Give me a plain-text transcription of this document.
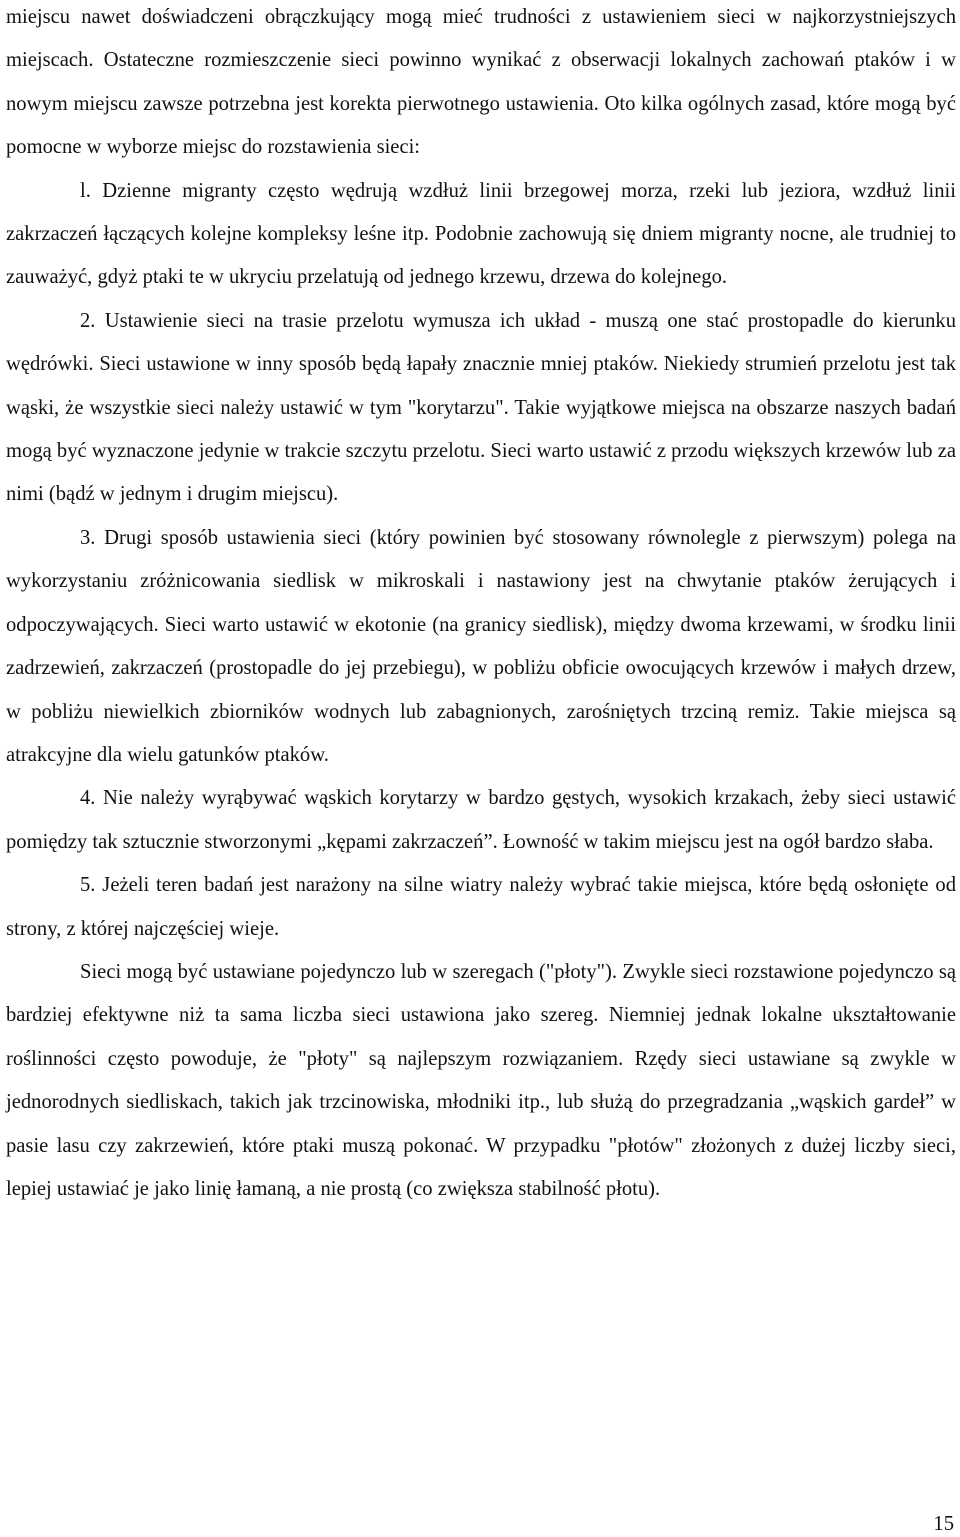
miejscu nawet doświadczeni obrączkujący mogą mieć trudności z ustawieniem sieci w najkorzystniejszych miejscach. Ostateczne rozmieszczenie sieci powinno wynikać z obserwacji lokalnych zachowań ptaków i w nowym miejscu zawsze potrzebna jest korekta pierwotnego ustawienia. Oto kilka ogólnych zasad, które mogą być pomocne w wyborze miejsc do rozstawienia sieci:

l. Dzienne migranty często wędrują wzdłuż linii brzegowej morza, rzeki lub jeziora, wzdłuż linii zakrzaczeń łączących kolejne kompleksy leśne itp. Podobnie zachowują się dniem migranty nocne, ale trudniej to zauważyć, gdyż ptaki te w ukryciu przelatują od jednego krzewu, drzewa do kolejnego.

2. Ustawienie sieci na trasie przelotu wymusza ich układ - muszą one stać prostopadle do kierunku wędrówki. Sieci ustawione w inny sposób będą łapały znacznie mniej ptaków. Niekiedy strumień przelotu jest tak wąski, że wszystkie sieci należy ustawić w tym "korytarzu". Takie wyjątkowe miejsca na obszarze naszych badań mogą być wyznaczone jedynie w trakcie szczytu przelotu. Sieci warto ustawić z przodu większych krzewów lub za nimi (bądź w jednym i drugim miejscu).

3. Drugi sposób ustawienia sieci (który powinien być stosowany równolegle z pierwszym) polega na wykorzystaniu zróżnicowania siedlisk w mikroskali i nastawiony jest na chwytanie ptaków żerujących i odpoczywających. Sieci warto ustawić w ekotonie (na granicy siedlisk), między dwoma krzewami, w środku linii zadrzewień, zakrzaczeń (prostopadle do jej przebiegu), w pobliżu obficie owocujących krzewów i małych drzew, w pobliżu niewielkich zbiorników wodnych lub zabagnionych, zarośniętych trzciną remiz. Takie miejsca są atrakcyjne dla wielu gatunków ptaków.

4. Nie należy wyrąbywać wąskich korytarzy w bardzo gęstych, wysokich krzakach, żeby sieci ustawić pomiędzy tak sztucznie stworzonymi „kępami zakrzaczeń”. Łowność w takim miejscu jest na ogół bardzo słaba.

5. Jeżeli teren badań jest narażony na silne wiatry należy wybrać takie miejsca, które będą osłonięte od strony, z której najczęściej wieje.

Sieci mogą być ustawiane pojedynczo lub w szeregach ("płoty"). Zwykle sieci rozstawione pojedynczo są bardziej efektywne niż ta sama liczba sieci ustawiona jako szereg. Niemniej jednak lokalne ukształtowanie roślinności często powoduje, że "płoty" są najlepszym rozwiązaniem. Rzędy sieci ustawiane są zwykle w jednorodnych siedliskach, takich jak trzcinowiska, młodniki itp., lub służą do przegradzania „wąskich gardeł” w pasie lasu czy zakrzewień, które ptaki muszą pokonać. W przypadku "płotów" złożonych z dużej liczby sieci, lepiej ustawiać je jako linię łamaną, a nie prostą (co zwiększa stabilność płotu).

15
